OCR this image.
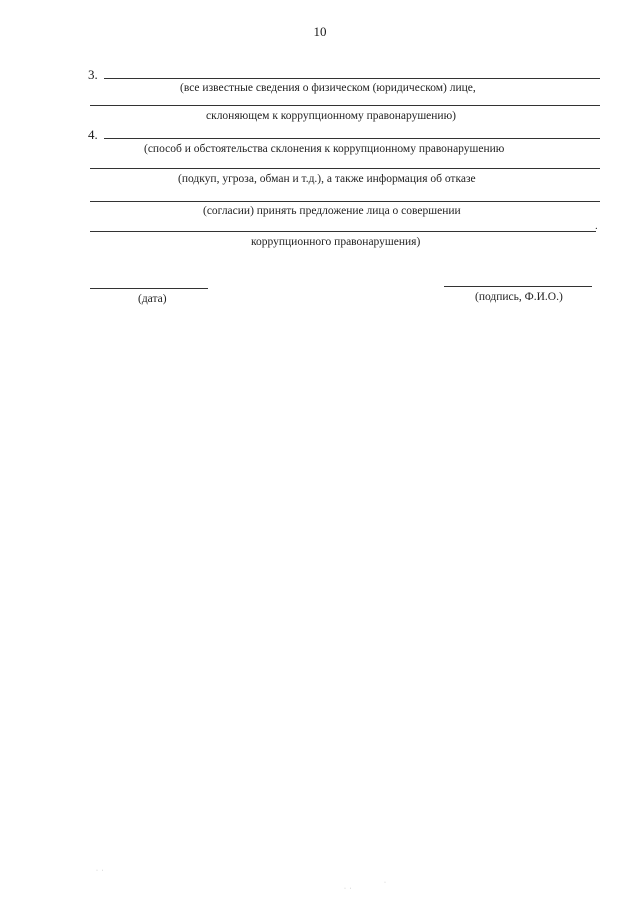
10
3.
(все известные сведения о физическом (юридическом) лице,
склоняющем к коррупционному правонарушению)
4.
(способ и обстоятельства склонения к коррупционному правонарушению
(подкуп, угроза, обман и т.д.), а также информация об отказе
(согласии) принять предложение лица о совершении
.
коррупционного правонарушения)
(дата)	(подпись, Ф.И.О.)
· ·
· ·
·
